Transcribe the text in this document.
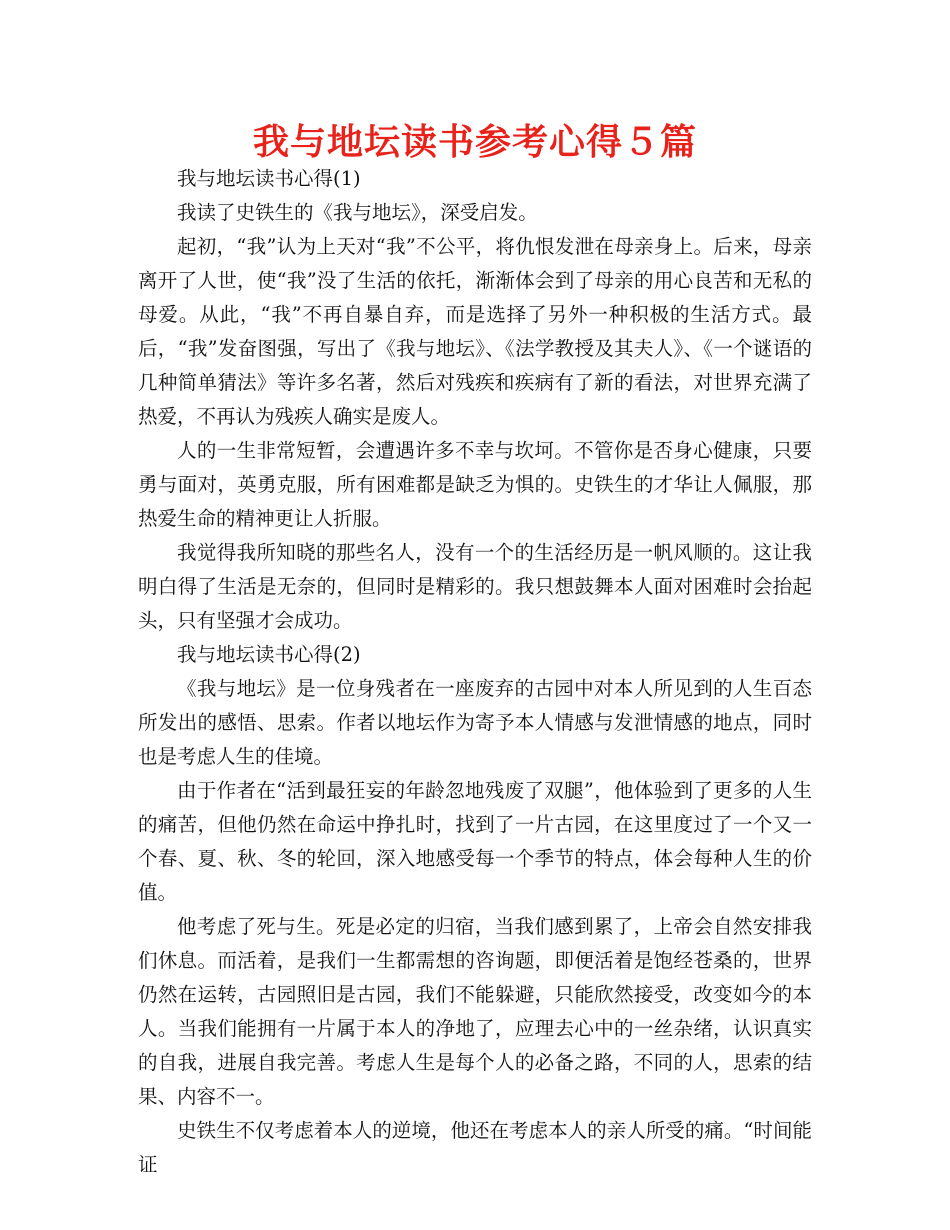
我与地坛读书参考心得５篇

我与地坛读书心得(1)

我读了史铁生的《我与地坛》，深受启发。

起初，“我”认为上天对“我”不公平，将仇恨发泄在母亲身上。后来，母亲离开了人世，使“我”没了生活的依托，渐渐体会到了母亲的用心良苦和无私的母爱。从此，“我”不再自暴自弃，而是选择了另外一种积极的生活方式。最后，“我”发奋图强，写出了《我与地坛》、《法学教授及其夫人》、《一个谜语的几种简单猜法》等许多名著，然后对残疾和疾病有了新的看法，对世界充满了热爱，不再认为残疾人确实是废人。

人的一生非常短暂，会遭遇许多不幸与坎坷。不管你是否身心健康，只要勇与面对，英勇克服，所有困难都是缺乏为惧的。史铁生的才华让人佩服，那热爱生命的精神更让人折服。

我觉得我所知晓的那些名人，没有一个的生活经历是一帆风顺的。这让我明白得了生活是无奈的，但同时是精彩的。我只想鼓舞本人面对困难时会抬起头，只有坚强才会成功。

我与地坛读书心得(2)

《我与地坛》是一位身残者在一座废弃的古园中对本人所见到的人生百态所发出的感悟、思索。作者以地坛作为寄予本人情感与发泄情感的地点，同时也是考虑人生的佳境。

由于作者在“活到最狂妄的年龄忽地残废了双腿”，他体验到了更多的人生的痛苦，但他仍然在命运中挣扎时，找到了一片古园，在这里度过了一个又一个春、夏、秋、冬的轮回，深入地感受每一个季节的特点，体会每种人生的价值。

他考虑了死与生。死是必定的归宿，当我们感到累了，上帝会自然安排我们休息。而活着，是我们一生都需想的咨询题，即便活着是饱经苍桑的，世界仍然在运转，古园照旧是古园，我们不能躲避，只能欣然接受，改变如今的本人。当我们能拥有一片属于本人的净地了，应理去心中的一丝杂绪，认识真实的自我，进展自我完善。考虑人生是每个人的必备之路，不同的人，思索的结果、内容不一。

史铁生不仅考虑着本人的逆境，他还在考虑本人的亲人所受的痛。“时间能证
